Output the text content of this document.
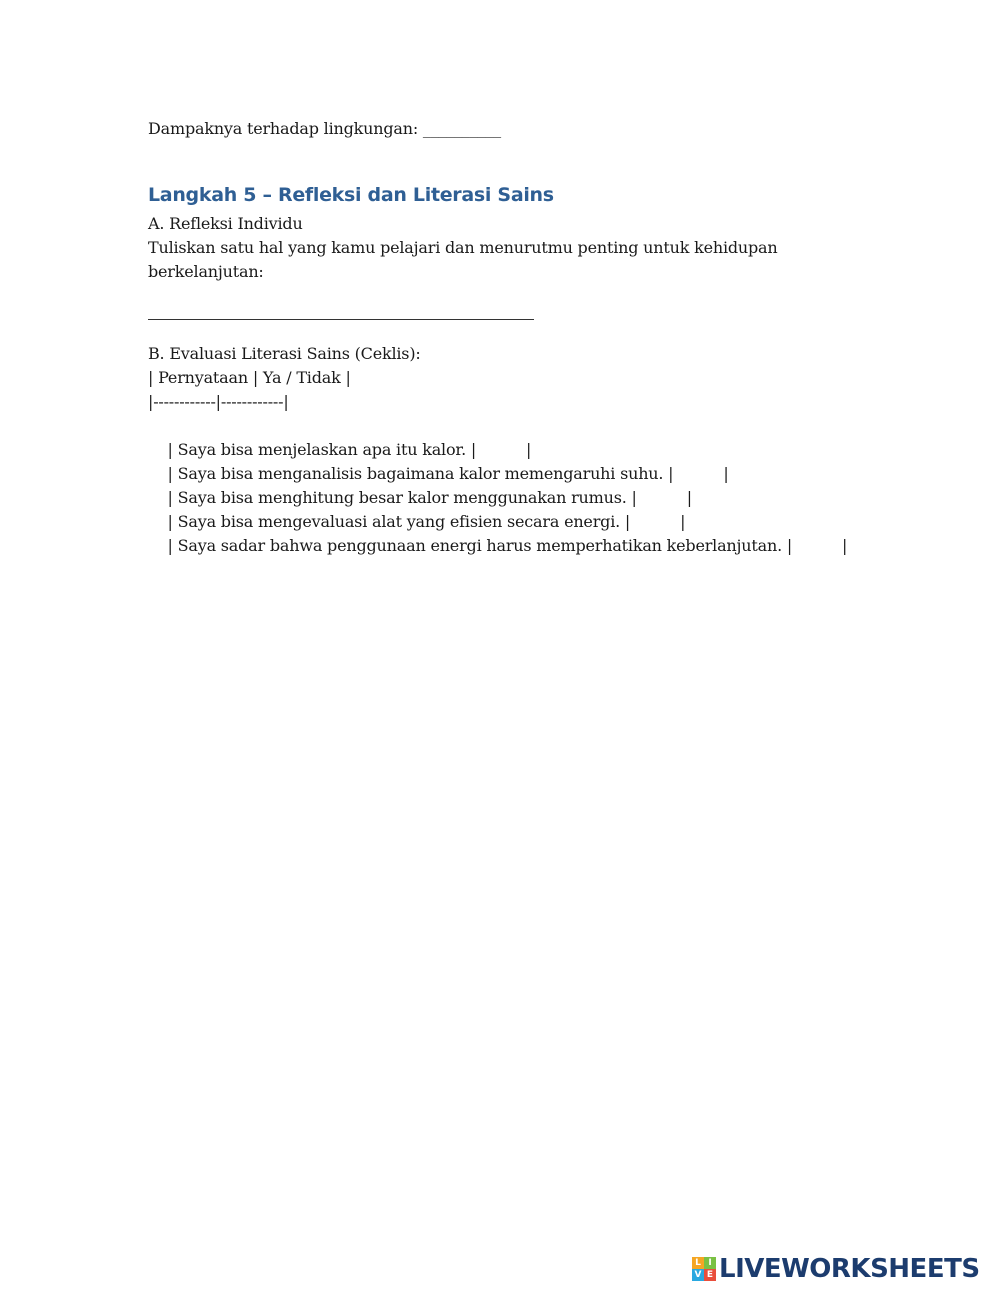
Dampaknya terhadap lingkungan: __________
Langkah 5 – Refleksi dan Literasi Sains
A. Refleksi Individu
Tuliskan satu hal yang kamu pelajari dan menurutmu penting untuk kehidupan
berkelanjutan:
B. Evaluasi Literasi Sains (Ceklis):
| Pernyataan | Ya / Tidak |
|------------|------------|

| Saya bisa menjelaskan apa itu kalor. |	|

| Saya bisa menganalisis bagaimana kalor memengaruhi suhu. |	|

| Saya bisa menghitung besar kalor menggunakan rumus. |	|

| Saya bisa mengevaluasi alat yang efisien secara energi. |	|

| Saya sadar bahwa penggunaan energi harus memperhatikan keberlanjutan. |	|

L I
V E LIVEWORKSHEETS
